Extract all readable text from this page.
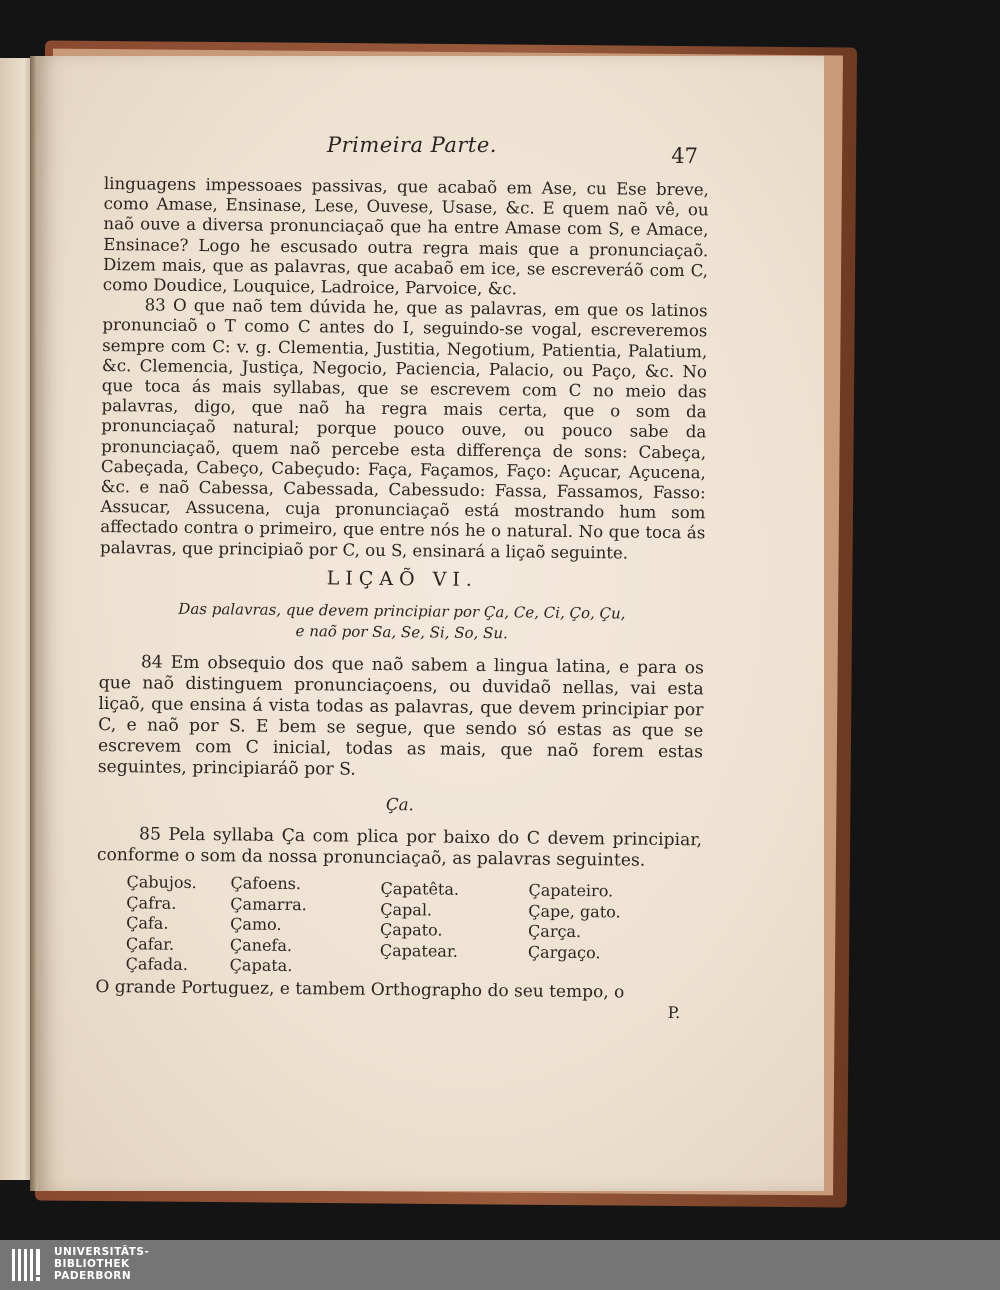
Primeira Parte.	47

linguagens impessoaes passivas, que acabaõ em Ase, cu Ese breve, como Amase, Ensinase, Lese, Ouvese, Usase, &c. E quem naõ vê, ou naõ ouve a diversa pronunciaçaõ que ha entre Amase com S, e Amace, Ensinace? Logo he escusado outra regra mais que a pronunciaçaõ. Dizem mais, que as palavras, que acabaõ em ice, se escreveráõ com C, como Doudice, Louquice, Ladroice, Parvoice, &c.

83 O que naõ tem dúvida he, que as palavras, em que os latinos pronunciaõ o T como C antes do I, seguindo-se vogal, escreveremos sempre com C: v. g. Clementia, Justitia, Negotium, Patientia, Palatium, &c. Clemencia, Justiça, Negocio, Paciencia, Palacio, ou Paço, &c. No que toca ás mais syllabas, que se escrevem com C no meio das palavras, digo, que naõ ha regra mais certa, que o som da pronunciaçaõ natural; porque pouco ouve, ou pouco sabe da pronunciaçaõ, quem naõ percebe esta differença de sons: Cabeça, Cabeçada, Cabeço, Cabeçudo: Faça, Façamos, Faço: Açucar, Açucena, &c. e naõ Cabessa, Cabessada, Cabessudo: Fassa, Fassamos, Fasso: Assucar, Assucena, cuja pronunciaçaõ está mostrando hum som affectado contra o primeiro, que entre nós he o natural. No que toca ás palavras, que principiaõ por C, ou S, ensinará a liçaõ seguinte.

LIÇAÕ VI.
Das palavras, que devem principiar por Ça, Ce, Ci, Ço, Çu,
e naõ por Sa, Se, Si, So, Su.

84 Em obsequio dos que naõ sabem a lingua latina, e para os que naõ distinguem pronunciaçoens, ou duvidaõ nellas, vai esta liçaõ, que ensina á vista todas as palavras, que devem principiar por C, e naõ por S. E bem se segue, que sendo só estas as que se escrevem com C inicial, todas as mais, que naõ forem estas seguintes, principiaráõ por S.

Ça.

85 Pela syllaba Ça com plica por baixo do C devem principiar, conforme o som da nossa pronunciaçaõ, as palavras seguintes.

Çabujos.
Çafra.
Çafa.
Çafar.
Çafada.
Çafoens.
Çamarra.
Çamo.
Çanefa.
Çapata.
Çapatêta.
Çapal.
Çapato.
Çapatear.
Çapateiro.
Çape, gato.
Çarça.
Çargaço.
O grande Portuguez, e tambem Orthographo do seu tempo, o
P.
UNIVERSITÄTS-
BIBLIOTHEK
PADERBORN
